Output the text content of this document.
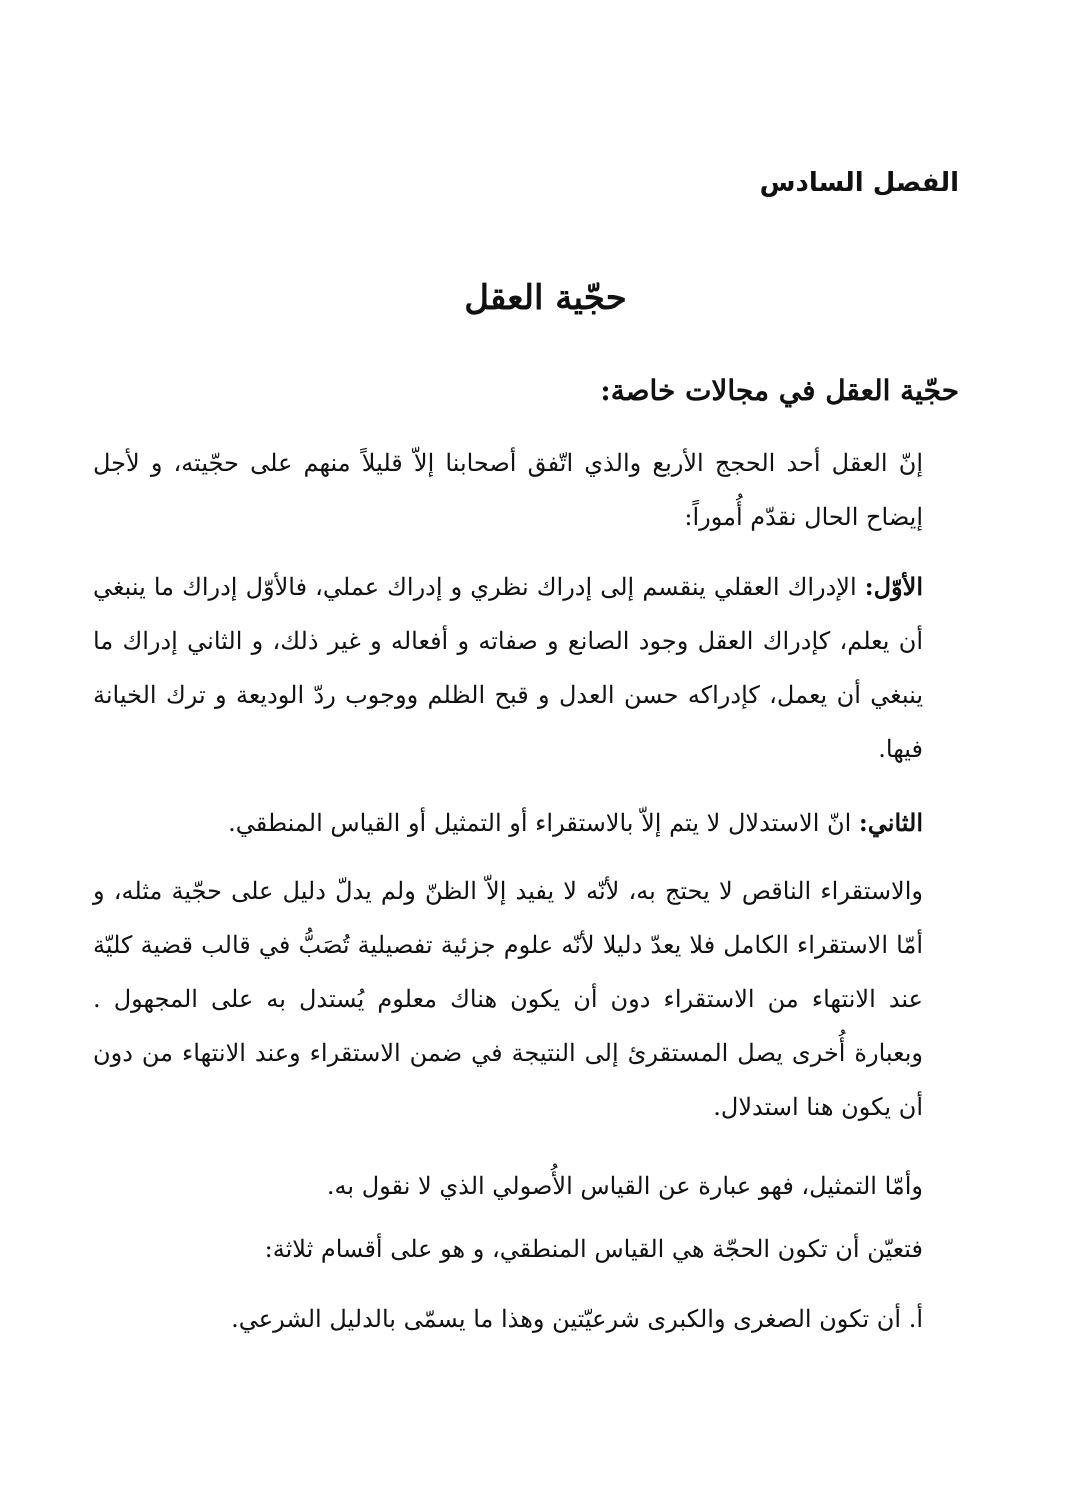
الفصل السادس
حجّية العقل
حجّية العقل في مجالات خاصة:

إنّ العقل أحد الحجج الأربع والذي اتّفق أصحابنا إلاّ قليلاً منهم على حجّيته، و لأجل إيضاح الحال نقدّم أُموراً:

الأوّل: الإدراك العقلي ينقسم إلى إدراك نظري و إدراك عملي، فالأوّل إدراك ما ينبغي أن يعلم، كإدراك العقل وجود الصانع و صفاته و أفعاله و غير ذلك، و الثاني إدراك ما ينبغي أن يعمل، كإدراكه حسن العدل و قبح الظلم ووجوب ردّ الوديعة و ترك الخيانة فيها.

الثاني: انّ الاستدلال لا يتم إلاّ بالاستقراء أو التمثيل أو القياس المنطقي.

والاستقراء الناقص لا يحتج به، لأنّه لا يفيد إلاّ الظنّ ولم يدلّ دليل على حجّية مثله، و أمّا الاستقراء الكامل فلا يعدّ دليلا لأنّه علوم جزئية تفصيلية تُصَبُّ في قالب قضية كليّة عند الانتهاء من الاستقراء دون أن يكون هناك معلوم يُستدل به على المجهول . وبعبارة أُخرى يصل المستقرئ إلى النتيجة في ضمن الاستقراء وعند الانتهاء من دون أن يكون هنا استدلال.

وأمّا التمثيل، فهو عبارة عن القياس الأُصولي الذي لا نقول به.

فتعيّن أن تكون الحجّة هي القياس المنطقي، و هو على أقسام ثلاثة:

أ. أن تكون الصغرى والكبرى شرعيّتين وهذا ما يسمّى بالدليل الشرعي.
